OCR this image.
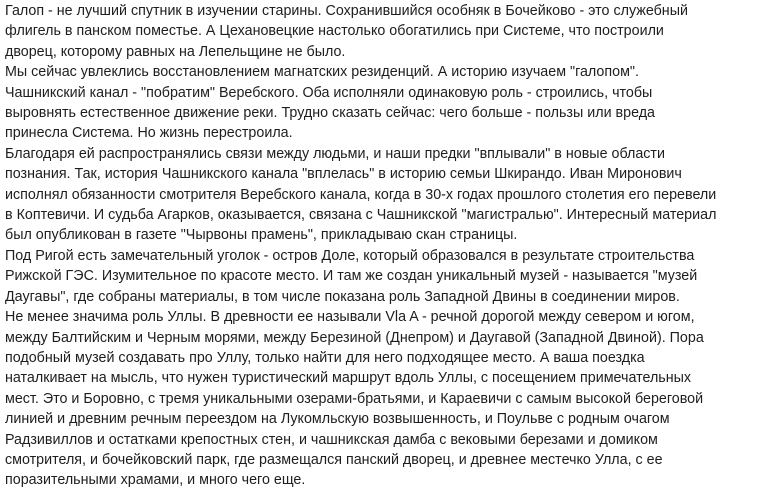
Галоп - не лучший спутник в изучении старины. Сохранившийся особняк в Бочейково - это служебный
флигель в панском поместье. А Цехановецкие настолько обогатились при Системе, что построили
дворец, которому равных на Лепельщине не было.

Мы сейчас увлеклись восстановлением магнатских резиденций. А историю изучаем "галопом".

Чашникский канал - "побратим" Веребского. Оба исполняли одинаковую роль - строились, чтобы
выровнять естественное движение реки. Трудно сказать сейчас: чего больше - пользы или вреда
принесла Система. Но жизнь перестроила.

Благодаря ей распространялись связи между людьми, и наши предки "вплывали" в новые области
познания. Так, история Чашникского канала "вплелась" в историю семьи Шкирандо. Иван Миронович
исполнял обязанности смотрителя Веребского канала, когда в 30-х годах прошлого столетия его перевели
в Коптевичи. И судьба Агарков, оказывается, связана с Чашникской "магистралью". Интересный материал
был опубликован в газете "Чырвоны прамень", прикладываю скан страницы.

Под Ригой есть замечательный уголок - остров Доле, который образовался в результате строительства
Рижской ГЭС. Изумительное по красоте место. И там же создан уникальный музей - называется "музей
Даугавы", где собраны материалы, в том числе показана роль Западной Двины в соединении миров.

Не менее значима роль Уллы. В древности ее называли Vla A - речной дорогой между севером и югом,
между Балтийским и Черным морями, между Березиной (Днепром) и Даугавой (Западной Двиной). Пора
подобный музей создавать про Уллу, только найти для него подходящее место. А ваша поездка
наталкивает на мысль, что нужен туристический маршрут вдоль Уллы, с посещением примечательных
мест. Это и Боровно, с тремя уникальными озерами-братьями, и Караевичи с самым высокой береговой
линией и древним речным переездом на Лукомльскую возвышенность, и Поульве с родным очагом
Радзивиллов и остатками крепостных стен, и чашникская дамба с вековыми березами и домиком
смотрителя, и бочейковский парк, где размещался панский дворец, и древнее местечко Улла, с ее
поразительными храмами, и много чего еще.
